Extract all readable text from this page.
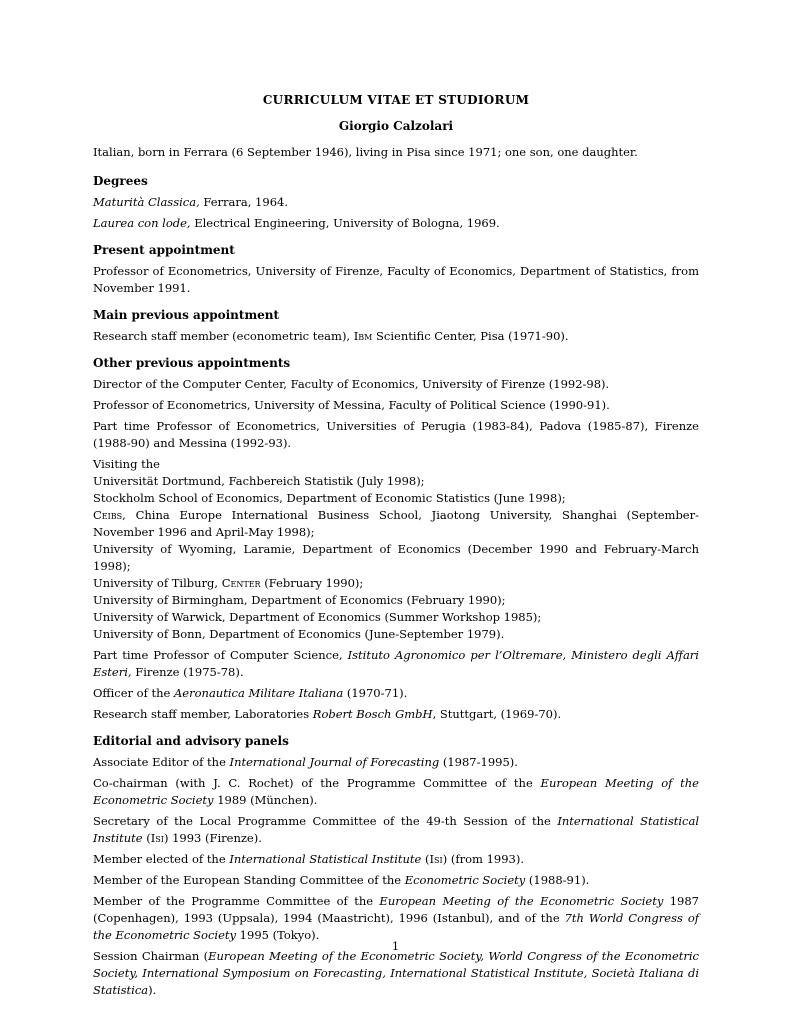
CURRICULUM VITAE ET STUDIORUM
Giorgio Calzolari

Italian, born in Ferrara (6 September 1946), living in Pisa since 1971; one son, one daughter.

Degrees

Maturità Classica, Ferrara, 1964.

Laurea con lode, Electrical Engineering, University of Bologna, 1969.

Present appointment

Professor of Econometrics, University of Firenze, Faculty of Economics, Department of Statistics, from November 1991.

Main previous appointment

Research staff member (econometric team), Ibm Scientific Center, Pisa (1971-90).

Other previous appointments

Director of the Computer Center, Faculty of Economics, University of Firenze (1992-98).

Professor of Econometrics, University of Messina, Faculty of Political Science (1990-91).

Part time Professor of Econometrics, Universities of Perugia (1983-84), Padova (1985-87), Firenze (1988-90) and Messina (1992-93).

Visiting the

Universität Dortmund, Fachbereich Statistik (July 1998);

Stockholm School of Economics, Department of Economic Statistics (June 1998);

Ceibs, China Europe International Business School, Jiaotong University, Shanghai (September-November 1996 and April-May 1998);

University of Wyoming, Laramie, Department of Economics (December 1990 and February-March 1998);

University of Tilburg, Center (February 1990);

University of Birmingham, Department of Economics (February 1990);

University of Warwick, Department of Economics (Summer Workshop 1985);

University of Bonn, Department of Economics (June-September 1979).

Part time Professor of Computer Science, Istituto Agronomico per l’Oltremare, Ministero degli Affari Esteri, Firenze (1975-78).

Officer of the Aeronautica Militare Italiana (1970-71).

Research staff member, Laboratories Robert Bosch GmbH, Stuttgart, (1969-70).

Editorial and advisory panels

Associate Editor of the International Journal of Forecasting (1987-1995).

Co-chairman (with J. C. Rochet) of the Programme Committee of the European Meeting of the Econometric Society 1989 (München).

Secretary of the Local Programme Committee of the 49-th Session of the International Statistical Institute (Isi) 1993 (Firenze).

Member elected of the International Statistical Institute (Isi) (from 1993).

Member of the European Standing Committee of the Econometric Society (1988-91).

Member of the Programme Committee of the European Meeting of the Econometric Society 1987 (Copenhagen), 1993 (Uppsala), 1994 (Maastricht), 1996 (Istanbul), and of the 7th World Congress of the Econometric Society 1995 (Tokyo).

Session Chairman (European Meeting of the Econometric Society, World Congress of the Econometric Society, International Symposium on Forecasting, International Statistical Institute, Società Italiana di Statistica).

1
